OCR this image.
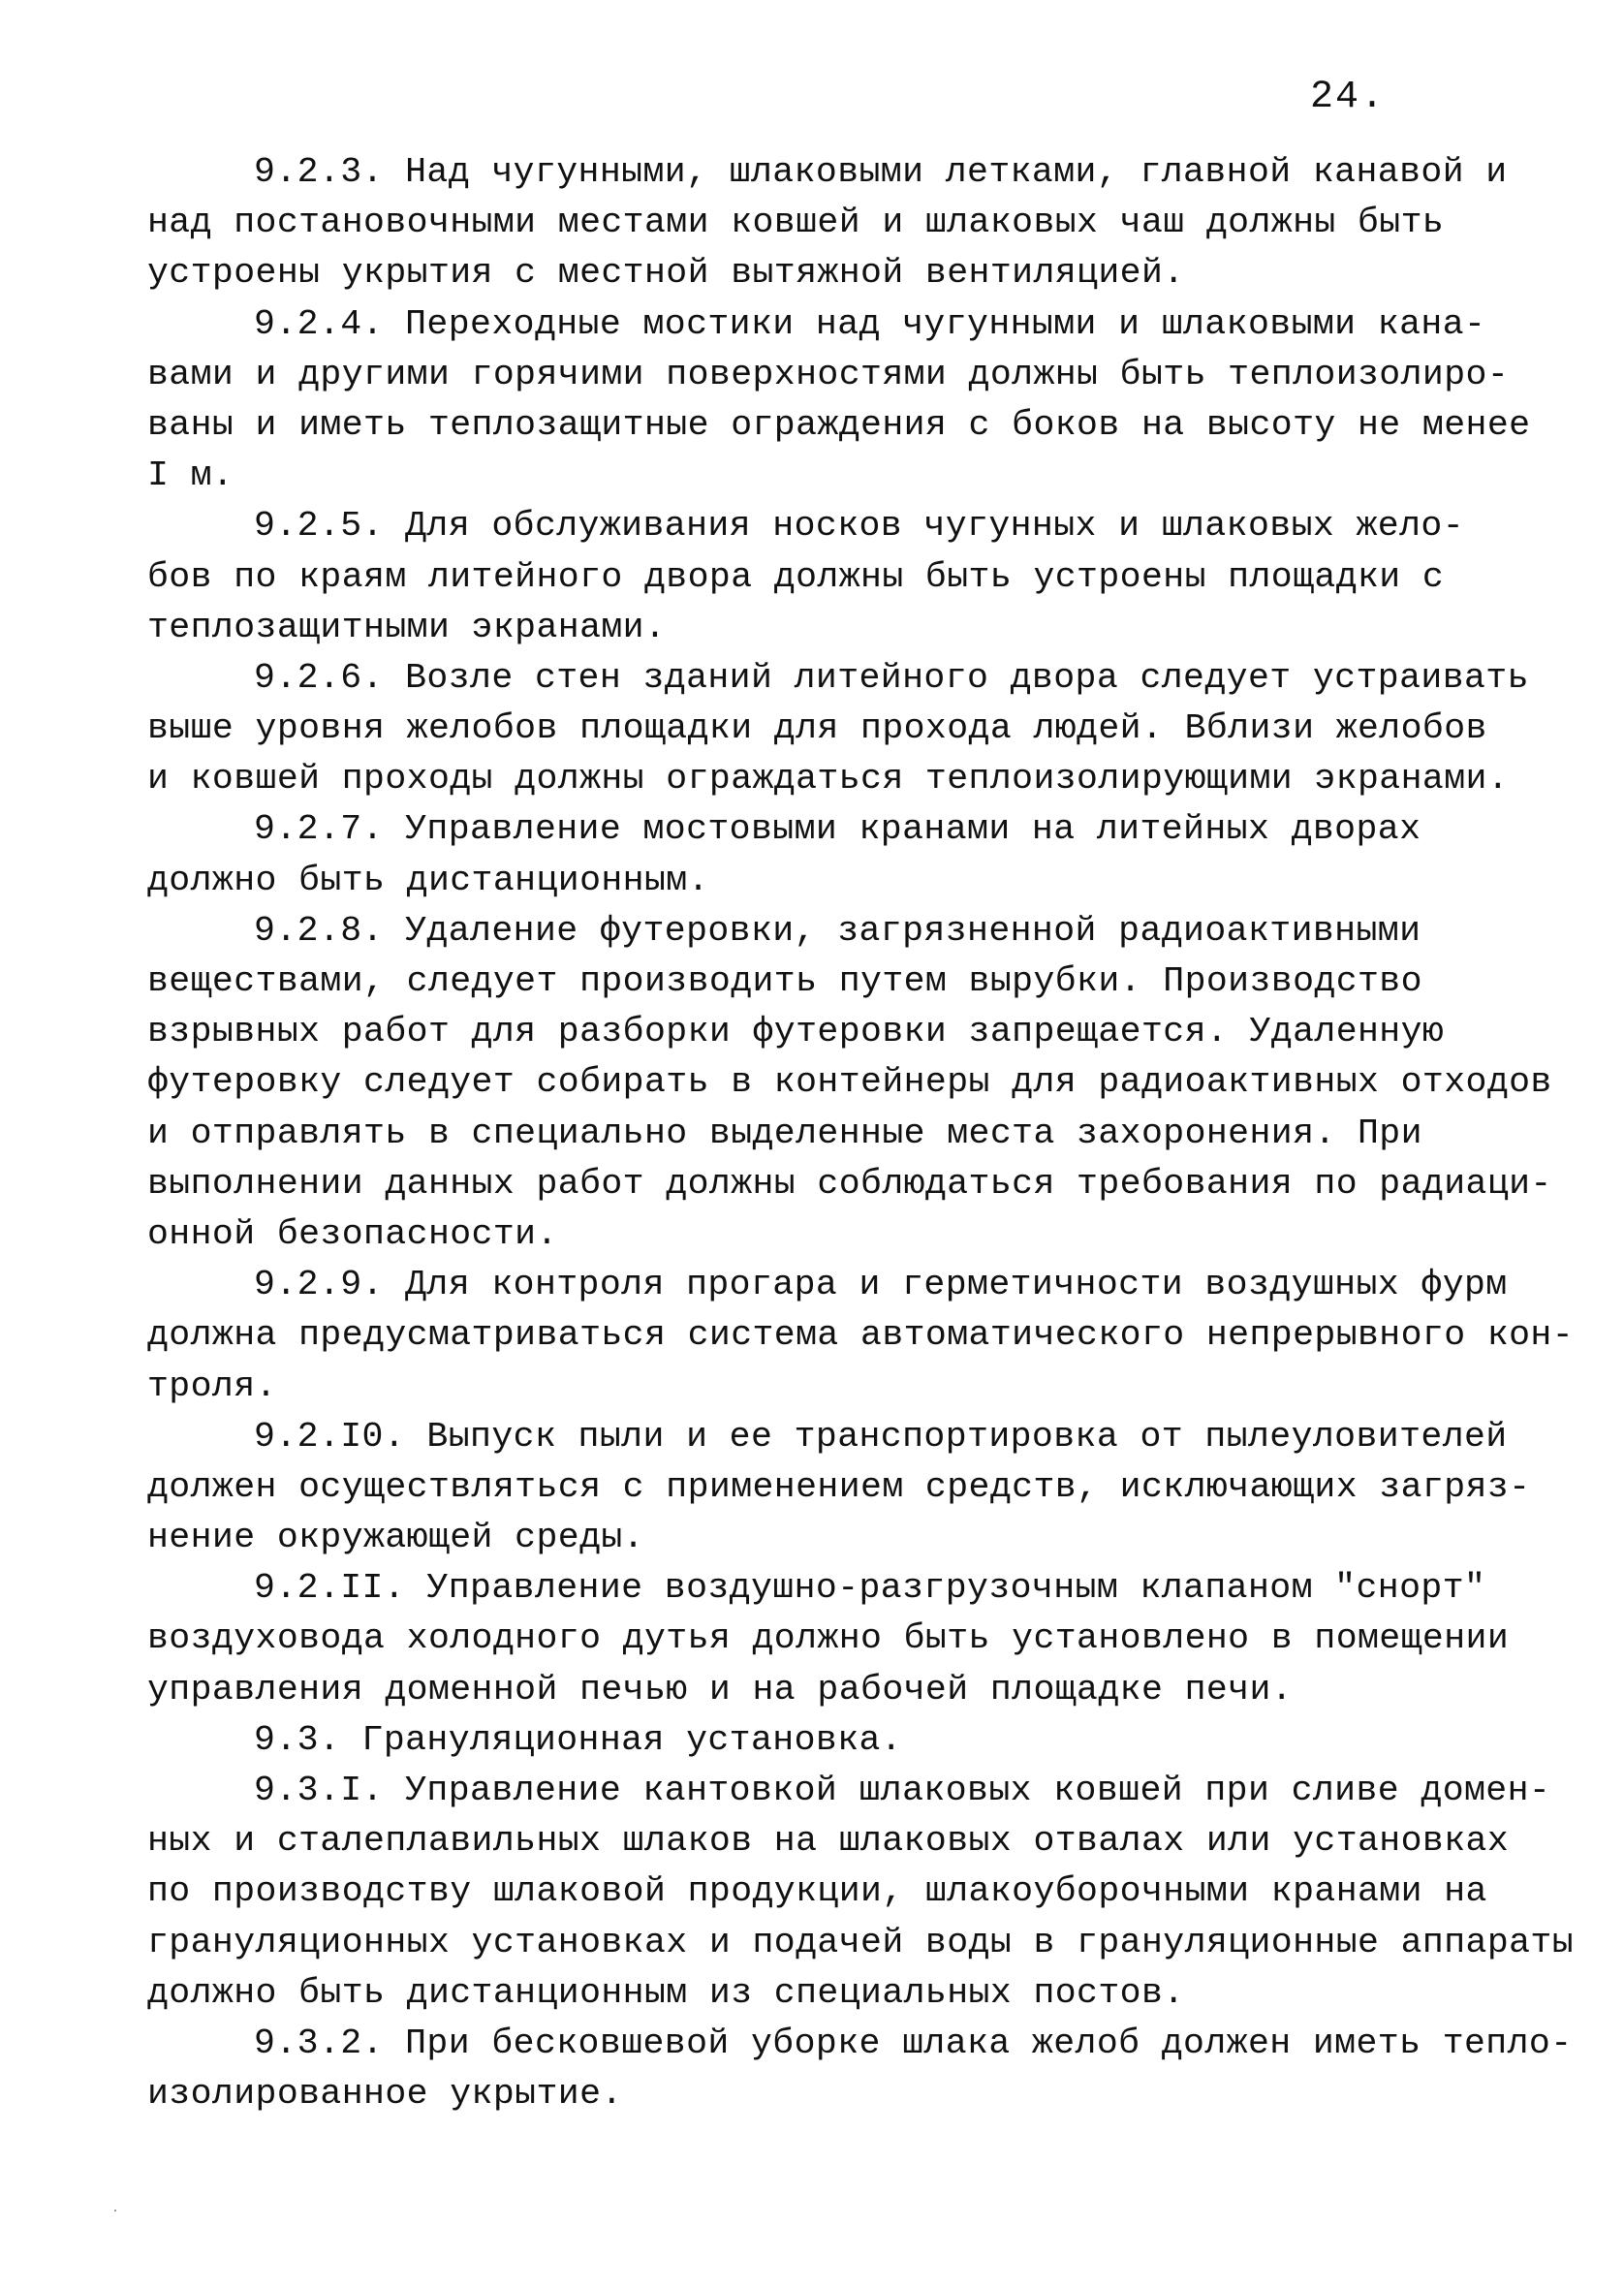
24.
9.2.3. Над чугунными, шлаковыми летками, главной канавой и
над постановочными местами ковшей и шлаковых чаш должны быть
устроены укрытия с местной вытяжной вентиляцией.
9.2.4. Переходные мостики над чугунными и шлаковыми кана-
вами и другими горячими поверхностями должны быть теплоизолиро-
ваны и иметь теплозащитные ограждения с боков на высоту не менее
I м.
9.2.5. Для обслуживания носков чугунных и шлаковых жело-
бов по краям литейного двора должны быть устроены площадки с
теплозащитными экранами.
9.2.6. Возле стен зданий литейного двора следует устраивать
выше уровня желобов площадки для прохода людей. Вблизи желобов
и ковшей проходы должны ограждаться теплоизолирующими экранами.
9.2.7. Управление мостовыми кранами на литейных дворах
должно быть дистанционным.
9.2.8. Удаление футеровки, загрязненной радиоактивными
веществами, следует производить путем вырубки. Производство
взрывных работ для разборки футеровки запрещается. Удаленную
футеровку следует собирать в контейнеры для радиоактивных отходов
и отправлять в специально выделенные места захоронения. При
выполнении данных работ должны соблюдаться требования по радиаци-
онной безопасности.
9.2.9. Для контроля прогара и герметичности воздушных фурм
должна предусматриваться система автоматического непрерывного кон-
троля.
9.2.I0. Выпуск пыли и ее транспортировка от пылеуловителей
должен осуществляться с применением средств, исключающих загряз-
нение окружающей среды.
9.2.II. Управление воздушно-разгрузочным клапаном "снорт"
воздуховода холодного дутья должно быть установлено в помещении
управления доменной печью и на рабочей площадке печи.
9.3. Грануляционная установка.
9.3.I. Управление кантовкой шлаковых ковшей при сливе домен-
ных и сталеплавильных шлаков на шлаковых отвалах или установках
по производству шлаковой продукции, шлакоуборочными кранами на
грануляционных установках и подачей воды в грануляционные аппараты
должно быть дистанционным из специальных постов.
9.3.2. При бесковшевой уборке шлака желоб должен иметь тепло-
изолированное укрытие.
